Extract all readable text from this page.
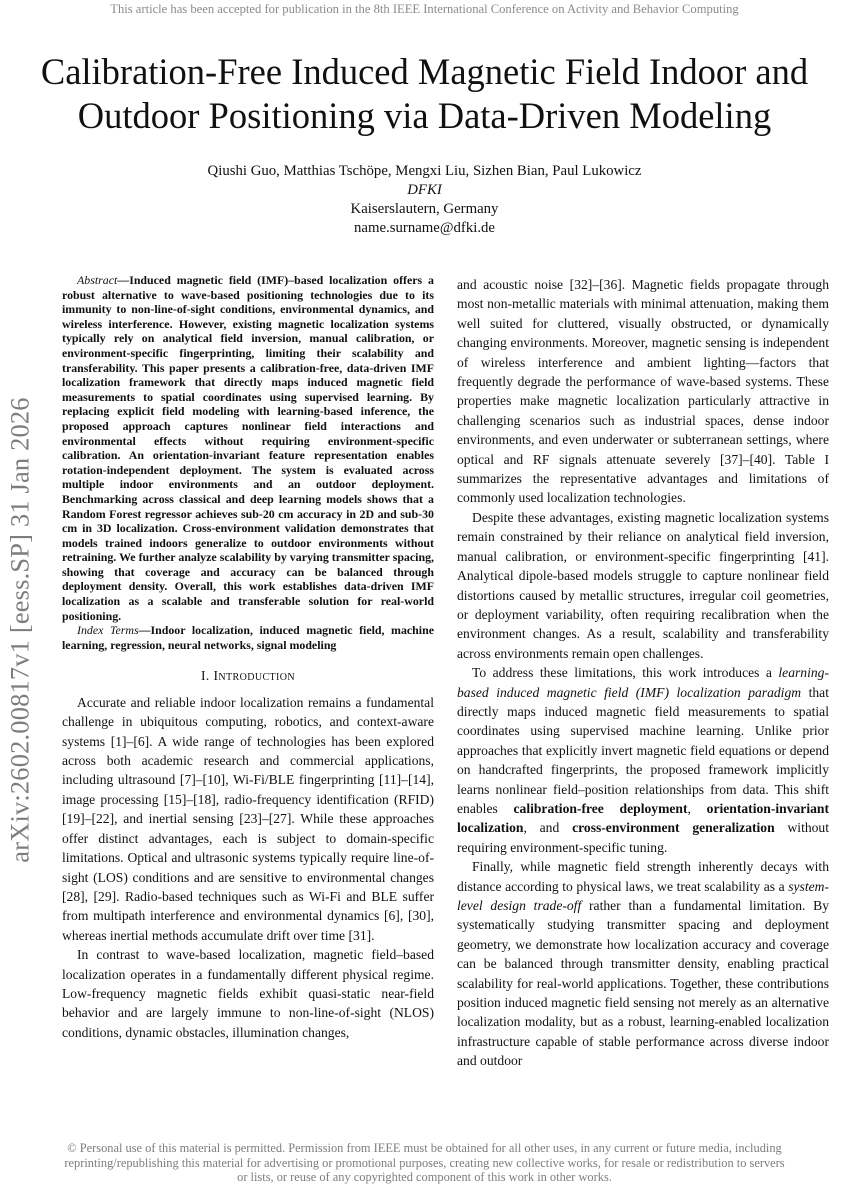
This article has been accepted for publication in the 8th IEEE International Conference on Activity and Behavior Computing
arXiv:2602.00817v1 [eess.SP] 31 Jan 2026
Calibration-Free Induced Magnetic Field Indoor and Outdoor Positioning via Data-Driven Modeling
Qiushi Guo, Matthias Tschöpe, Mengxi Liu, Sizhen Bian, Paul Lukowicz
DFKI
Kaiserslautern, Germany
name.surname@dfki.de

Abstract—Induced magnetic field (IMF)–based localization offers a robust alternative to wave-based positioning technologies due to its immunity to non-line-of-sight conditions, environmental dynamics, and wireless interference. However, existing magnetic localization systems typically rely on analytical field inversion, manual calibration, or environment-specific fingerprinting, limiting their scalability and transferability. This paper presents a calibration-free, data-driven IMF localization framework that directly maps induced magnetic field measurements to spatial coordinates using supervised learning. By replacing explicit field modeling with learning-based inference, the proposed approach captures nonlinear field interactions and environmental effects without requiring environment-specific calibration. An orientation-invariant feature representation enables rotation-independent deployment. The system is evaluated across multiple indoor environments and an outdoor deployment. Benchmarking across classical and deep learning models shows that a Random Forest regressor achieves sub-20 cm accuracy in 2D and sub-30 cm in 3D localization. Cross-environment validation demonstrates that models trained indoors generalize to outdoor environments without retraining. We further analyze scalability by varying transmitter spacing, showing that coverage and accuracy can be balanced through deployment density. Overall, this work establishes data-driven IMF localization as a scalable and transferable solution for real-world positioning.

Index Terms—Indoor localization, induced magnetic field, machine learning, regression, neural networks, signal modeling

I. Introduction

Accurate and reliable indoor localization remains a fundamental challenge in ubiquitous computing, robotics, and context-aware systems [1]–[6]. A wide range of technologies has been explored across both academic research and commercial applications, including ultrasound [7]–[10], Wi-Fi/BLE fingerprinting [11]–[14], image processing [15]–[18], radio-frequency identification (RFID) [19]–[22], and inertial sensing [23]–[27]. While these approaches offer distinct advantages, each is subject to domain-specific limitations. Optical and ultrasonic systems typically require line-of-sight (LOS) conditions and are sensitive to environmental changes [28], [29]. Radio-based techniques such as Wi-Fi and BLE suffer from multipath interference and environmental dynamics [6], [30], whereas inertial methods accumulate drift over time [31].

In contrast to wave-based localization, magnetic field–based localization operates in a fundamentally different physical regime. Low-frequency magnetic fields exhibit quasi-static near-field behavior and are largely immune to non-line-of-sight (NLOS) conditions, dynamic obstacles, illumination changes,

and acoustic noise [32]–[36]. Magnetic fields propagate through most non-metallic materials with minimal attenuation, making them well suited for cluttered, visually obstructed, or dynamically changing environments. Moreover, magnetic sensing is independent of wireless interference and ambient lighting—factors that frequently degrade the performance of wave-based systems. These properties make magnetic localization particularly attractive in challenging scenarios such as industrial spaces, dense indoor environments, and even underwater or subterranean settings, where optical and RF signals attenuate severely [37]–[40]. Table I summarizes the representative advantages and limitations of commonly used localization technologies.

Despite these advantages, existing magnetic localization systems remain constrained by their reliance on analytical field inversion, manual calibration, or environment-specific fingerprinting [41]. Analytical dipole-based models struggle to capture nonlinear field distortions caused by metallic structures, irregular coil geometries, or deployment variability, often requiring recalibration when the environment changes. As a result, scalability and transferability across environments remain open challenges.

To address these limitations, this work introduces a learning-based induced magnetic field (IMF) localization paradigm that directly maps induced magnetic field measurements to spatial coordinates using supervised machine learning. Unlike prior approaches that explicitly invert magnetic field equations or depend on handcrafted fingerprints, the proposed framework implicitly learns nonlinear field–position relationships from data. This shift enables calibration-free deployment, orientation-invariant localization, and cross-environment generalization without requiring environment-specific tuning.

Finally, while magnetic field strength inherently decays with distance according to physical laws, we treat scalability as a system-level design trade-off rather than a fundamental limitation. By systematically studying transmitter spacing and deployment geometry, we demonstrate how localization accuracy and coverage can be balanced through transmitter density, enabling practical scalability for real-world applications. Together, these contributions position induced magnetic field sensing not merely as an alternative localization modality, but as a robust, learning-enabled localization infrastructure capable of stable performance across diverse indoor and outdoor

© Personal use of this material is permitted. Permission from IEEE must be obtained for all other uses, in any current or future media, including reprinting/republishing this material for advertising or promotional purposes, creating new collective works, for resale or redistribution to servers or lists, or reuse of any copyrighted component of this work in other works.
